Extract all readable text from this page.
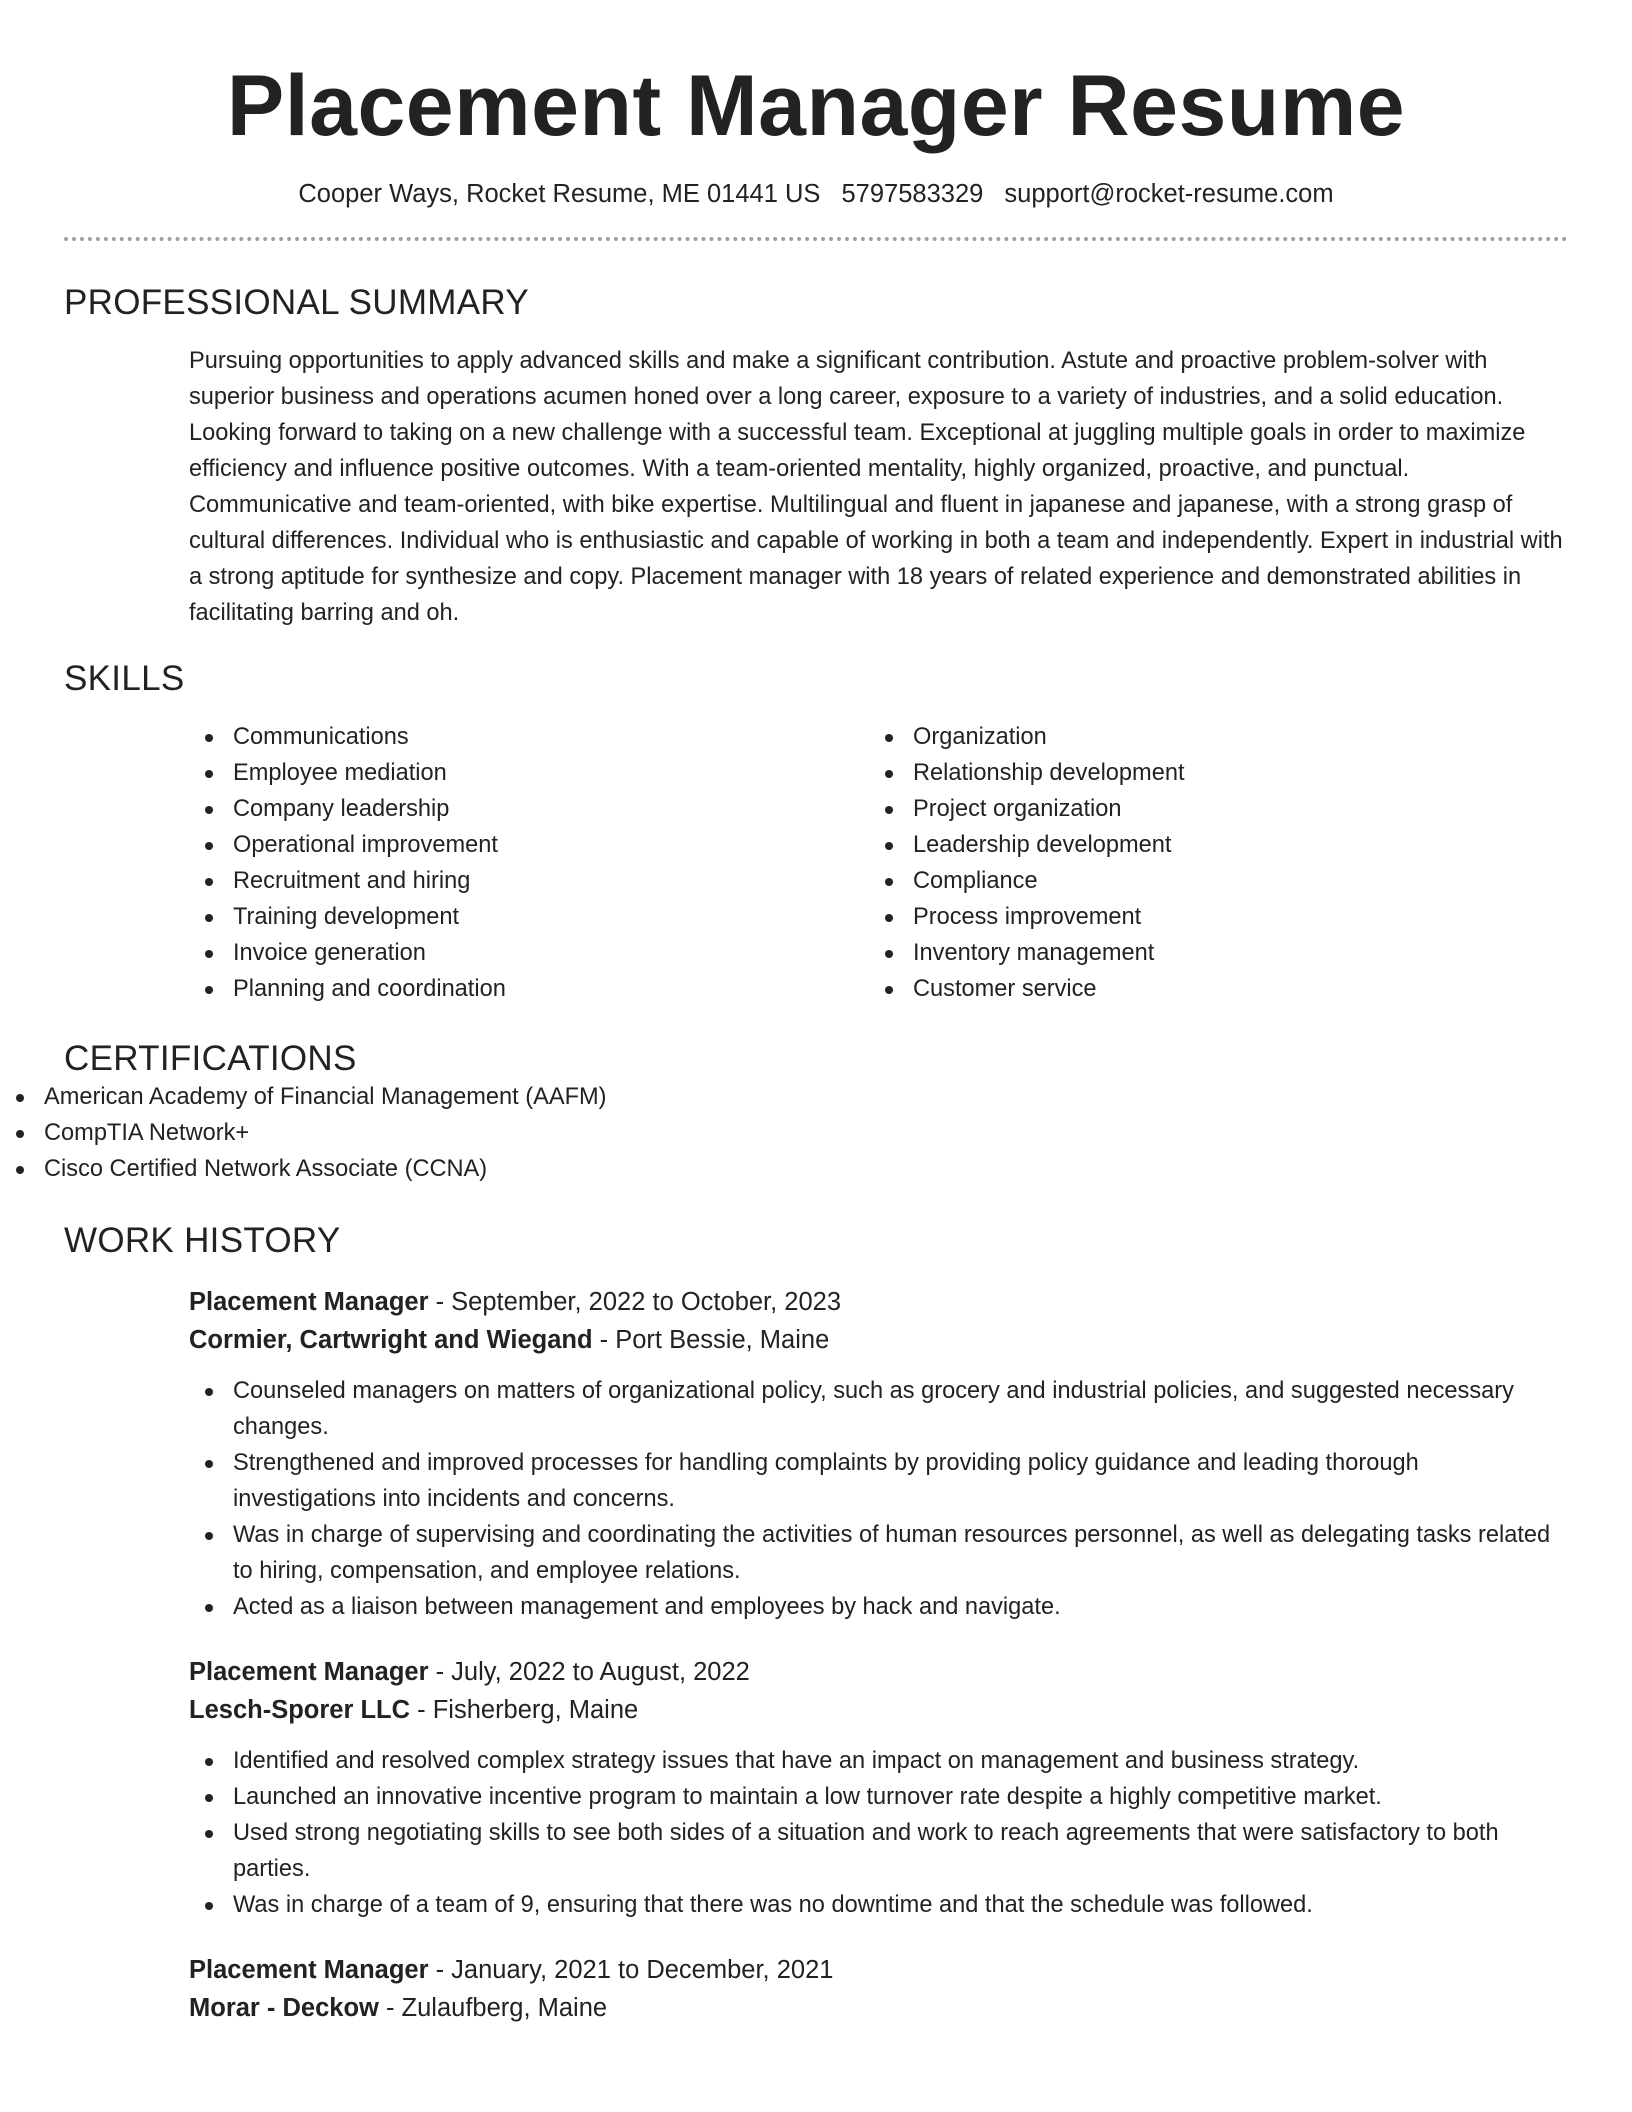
Placement Manager Resume
Cooper Ways, Rocket Resume, ME 01441 US 5797583329 support@rocket-resume.com
PROFESSIONAL SUMMARY

Pursuing opportunities to apply advanced skills and make a significant contribution. Astute and proactive problem-solver with superior business and operations acumen honed over a long career, exposure to a variety of industries, and a solid education. Looking forward to taking on a new challenge with a successful team. Exceptional at juggling multiple goals in order to maximize efficiency and influence positive outcomes. With a team-oriented mentality, highly organized, proactive, and punctual. Communicative and team-oriented, with bike expertise. Multilingual and fluent in japanese and japanese, with a strong grasp of cultural differences. Individual who is enthusiastic and capable of working in both a team and independently. Expert in industrial with a strong aptitude for synthesize and copy. Placement manager with 18 years of related experience and demonstrated abilities in facilitating barring and oh.

SKILLS
Communications
Employee mediation
Company leadership
Operational improvement
Recruitment and hiring
Training development
Invoice generation
Planning and coordination
Organization
Relationship development
Project organization
Leadership development
Compliance
Process improvement
Inventory management
Customer service
CERTIFICATIONS
American Academy of Financial Management (AAFM)
CompTIA Network+
Cisco Certified Network Associate (CCNA)
WORK HISTORY
Placement Manager - September, 2022 to October, 2023
Cormier, Cartwright and Wiegand - Port Bessie, Maine
Counseled managers on matters of organizational policy, such as grocery and industrial policies, and suggested necessary changes.
Strengthened and improved processes for handling complaints by providing policy guidance and leading thorough investigations into incidents and concerns.
Was in charge of supervising and coordinating the activities of human resources personnel, as well as delegating tasks related to hiring, compensation, and employee relations.
Acted as a liaison between management and employees by hack and navigate.
Placement Manager - July, 2022 to August, 2022
Lesch-Sporer LLC - Fisherberg, Maine
Identified and resolved complex strategy issues that have an impact on management and business strategy.
Launched an innovative incentive program to maintain a low turnover rate despite a highly competitive market.
Used strong negotiating skills to see both sides of a situation and work to reach agreements that were satisfactory to both parties.
Was in charge of a team of 9, ensuring that there was no downtime and that the schedule was followed.
Placement Manager - January, 2021 to December, 2021
Morar - Deckow - Zulaufberg, Maine
